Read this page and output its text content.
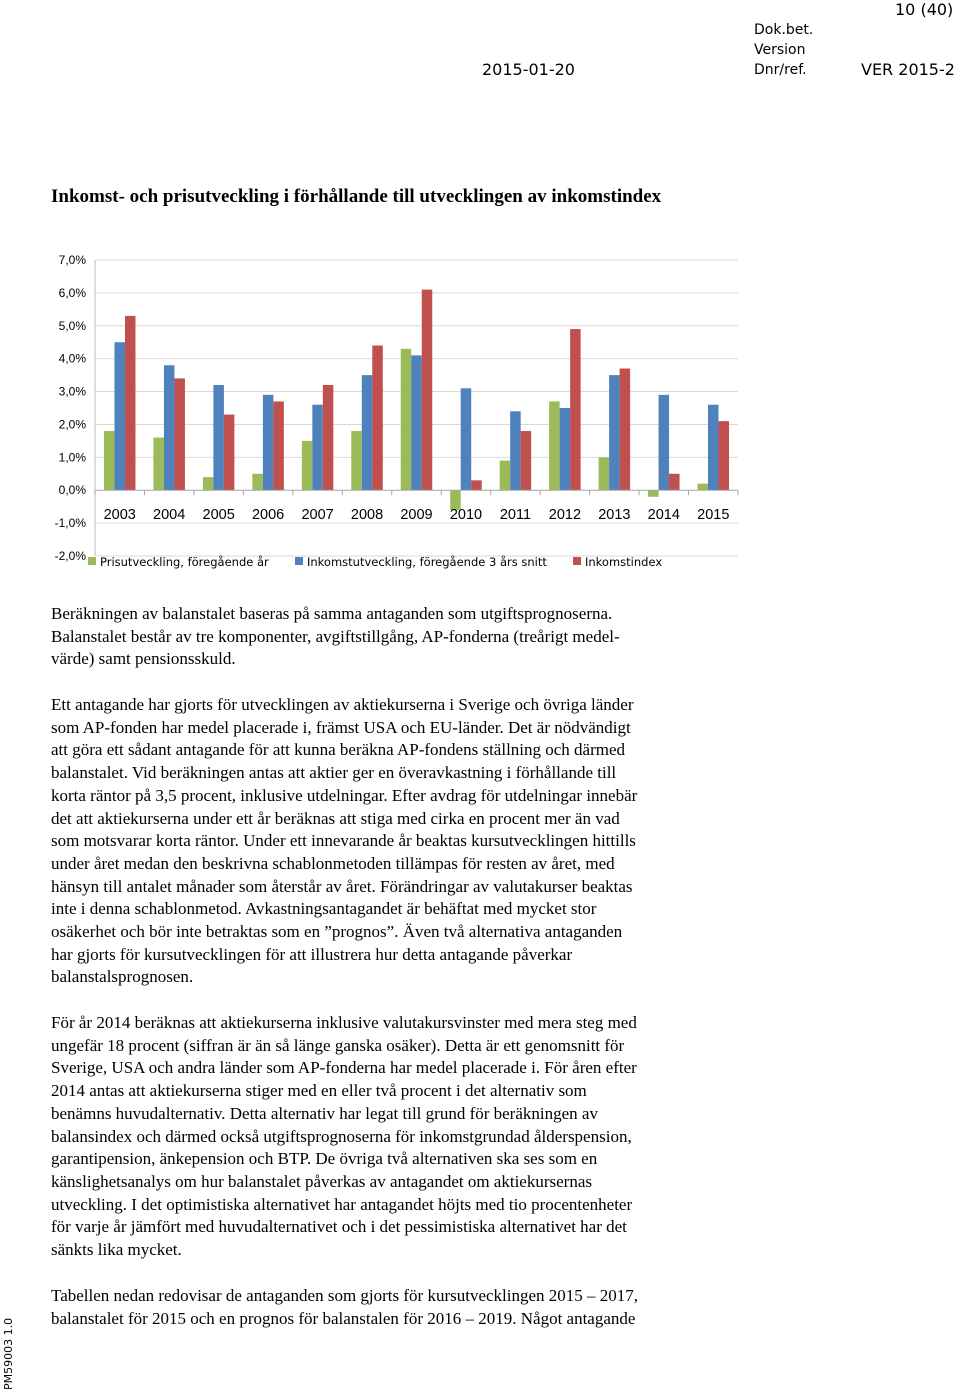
10 (40)
Dok.bet.
Version
2015-01-20	Dnr/ref.	VER 2015-2
Inkomst- och prisutveckling i förhållande till utvecklingen av inkomstindex
-2,0%
-1,0%
0,0%
1,0%
2,0%
3,0%
4,0%
5,0%
6,0%
7,0%
2003 2004 2005 2006 2007 2008 2009 2010 2011 2012 2013 2014 2015
Prisutveckling, föregående år	Inkomstutveckling, föregående 3 års snitt	Inkomstindex
Beräkningen av balanstalet baseras på samma antaganden som utgiftsprognoserna.
Balanstalet består av tre komponenter, avgiftstillgång, AP-fonderna (treårigt medel-
värde) samt pensionsskuld.
Ett antagande har gjorts för utvecklingen av aktiekurserna i Sverige och övriga länder
som AP-fonden har medel placerade i, främst USA och EU-länder. Det är nödvändigt
att göra ett sådant antagande för att kunna beräkna AP-fondens ställning och därmed
balanstalet. Vid beräkningen antas att aktier ger en överavkastning i förhållande till
korta räntor på 3,5 procent, inklusive utdelningar. Efter avdrag för utdelningar innebär
det att aktiekurserna under ett år beräknas att stiga med cirka en procent mer än vad
som motsvarar korta räntor. Under ett innevarande år beaktas kursutvecklingen hittills
under året medan den beskrivna schablonmetoden tillämpas för resten av året, med
hänsyn till antalet månader som återstår av året. Förändringar av valutakurser beaktas
inte i denna schablonmetod. Avkastningsantagandet är behäftat med mycket stor
osäkerhet och bör inte betraktas som en ”prognos”. Även två alternativa antaganden
har gjorts för kursutvecklingen för att illustrera hur detta antagande påverkar
balanstalsprognosen.
För år 2014 beräknas att aktiekurserna inklusive valutakursvinster med mera steg med
ungefär 18 procent (siffran är än så länge ganska osäker). Detta är ett genomsnitt för
Sverige, USA och andra länder som AP-fonderna har medel placerade i. För åren efter
2014 antas att aktiekurserna stiger med en eller två procent i det alternativ som
benämns huvudalternativ. Detta alternativ har legat till grund för beräkningen av
balansindex och därmed också utgiftsprognoserna för inkomstgrundad ålderspension,
garantipension, änkepension och BTP. De övriga två alternativen ska ses som en
känslighetsanalys om hur balanstalet påverkas av antagandet om aktiekursernas
utveckling. I det optimistiska alternativet har antagandet höjts med tio procentenheter
för varje år jämfört med huvudalternativet och i det pessimistiska alternativet har det
sänkts lika mycket.
Tabellen nedan redovisar de antaganden som gjorts för kursutvecklingen 2015 – 2017,
balanstalet för 2015 och en prognos för balanstalen för 2016 – 2019. Något antagande
PM59003 1.0
